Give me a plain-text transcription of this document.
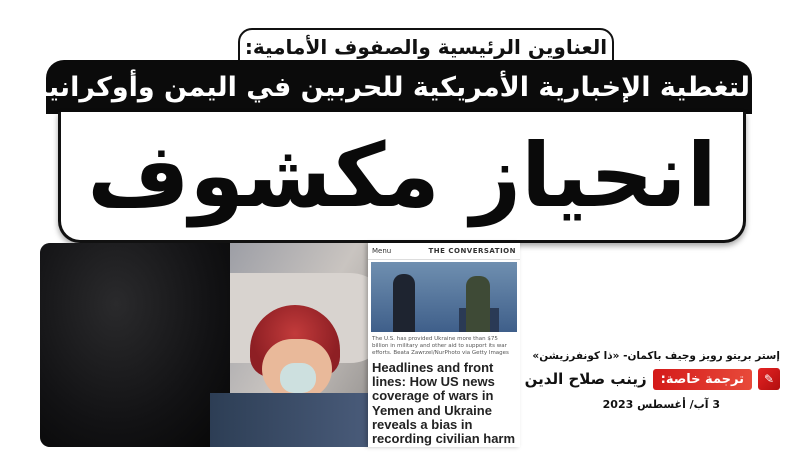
العناوين الرئيسية والصفوف الأمامية:
التغطية الإخبارية الأمريكية للحربين في اليمن وأوكرانيا
انحياز مكشوف
Menu	THE CONVERSATION
The U.S. has provided Ukraine more than $75 billion in military and other aid to support its war efforts. Beata Zawrzel/NurPhoto via Getty Images
Headlines and front lines: How US news coverage of wars in Yemen and Ukraine reveals a bias in recording civilian harm
إستر بريتو رويز وجيف باكمان- «ذا كونفرزيشن»
✎
ترجمة خاصة:
زينب صلاح الدين
3 آب/ أغسطس 2023
